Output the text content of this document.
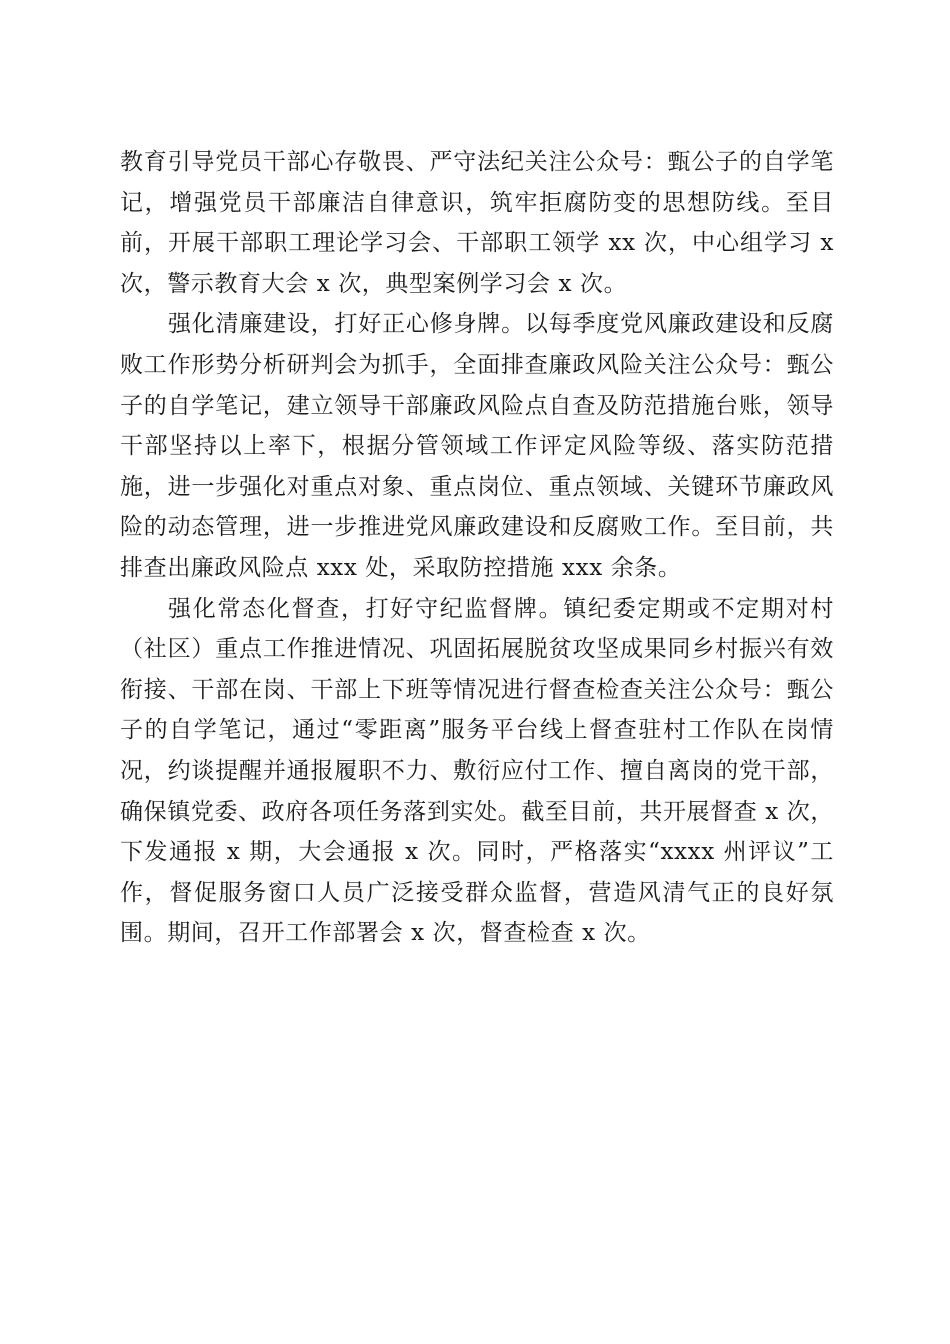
教育引导党员干部心存敬畏、严守法纪关注公众号：甄公子的自学笔记，增强党员干部廉洁自律意识，筑牢拒腐防变的思想防线。至目前，开展干部职工理论学习会、干部职工领学 xx 次，中心组学习 x 次，警示教育大会 x 次，典型案例学习会 x 次。

强化清廉建设，打好正心修身牌。以每季度党风廉政建设和反腐败工作形势分析研判会为抓手，全面排查廉政风险关注公众号：甄公子的自学笔记，建立领导干部廉政风险点自查及防范措施台账，领导干部坚持以上率下，根据分管领域工作评定风险等级、落实防范措施，进一步强化对重点对象、重点岗位、重点领域、关键环节廉政风险的动态管理，进一步推进党风廉政建设和反腐败工作。至目前，共排查出廉政风险点 xxx 处，采取防控措施 xxx 余条。

强化常态化督查，打好守纪监督牌。镇纪委定期或不定期对村（社区）重点工作推进情况、巩固拓展脱贫攻坚成果同乡村振兴有效衔接、干部在岗、干部上下班等情况进行督查检查关注公众号：甄公子的自学笔记，通过“零距离”服务平台线上督查驻村工作队在岗情况，约谈提醒并通报履职不力、敷衍应付工作、擅自离岗的党干部，确保镇党委、政府各项任务落到实处。截至目前，共开展督查 x 次，下发通报 x 期，大会通报 x 次。同时，严格落实“xxxx 州评议”工作，督促服务窗口人员广泛接受群众监督，营造风清气正的良好氛围。期间，召开工作部署会 x 次，督查检查 x 次。
